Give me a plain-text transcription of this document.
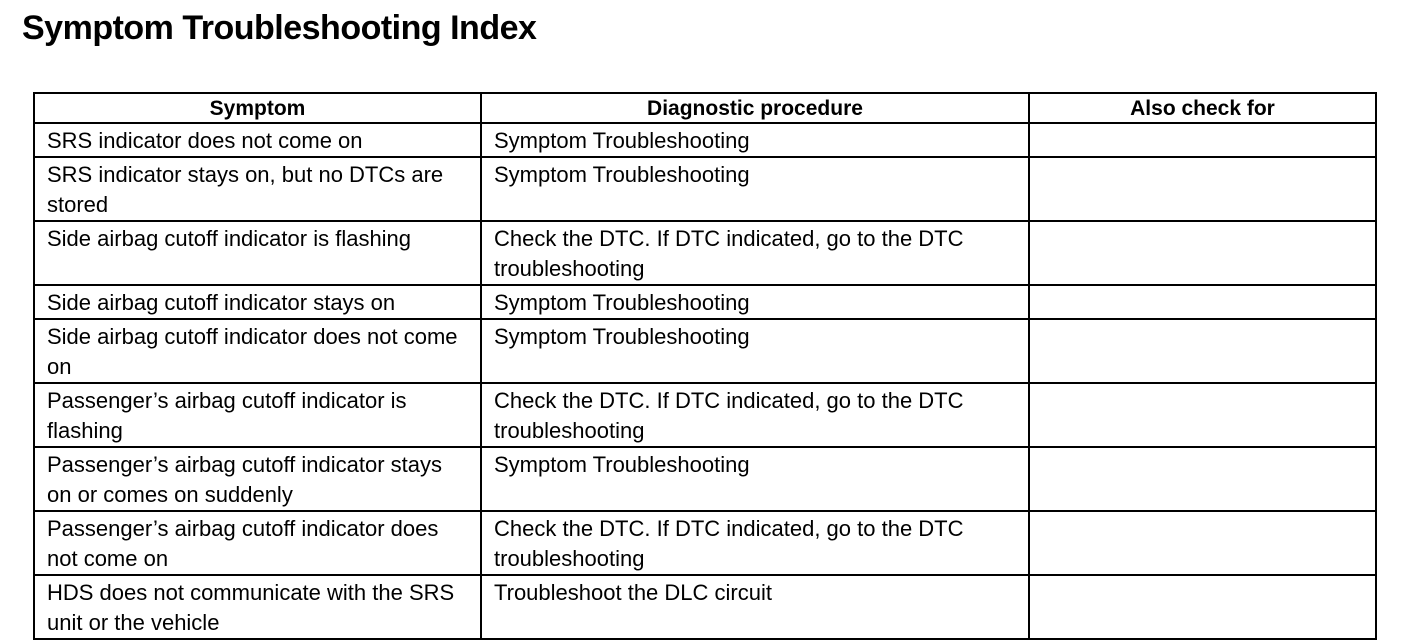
Symptom Troubleshooting Index
Symptom	Diagnostic procedure	Also check for
SRS indicator does not come on	Symptom Troubleshooting	
SRS indicator stays on, but no DTCs are stored	Symptom Troubleshooting	
Side airbag cutoff indicator is flashing	Check the DTC. If DTC indicated, go to the DTC troubleshooting	
Side airbag cutoff indicator stays on	Symptom Troubleshooting	
Side airbag cutoff indicator does not come on	Symptom Troubleshooting	
Passenger’s airbag cutoff indicator is flashing	Check the DTC. If DTC indicated, go to the DTC troubleshooting	
Passenger’s airbag cutoff indicator stays on or comes on suddenly	Symptom Troubleshooting	
Passenger’s airbag cutoff indicator does not come on	Check the DTC. If DTC indicated, go to the DTC troubleshooting	
HDS does not communicate with the SRS unit or the vehicle	Troubleshoot the DLC circuit	
